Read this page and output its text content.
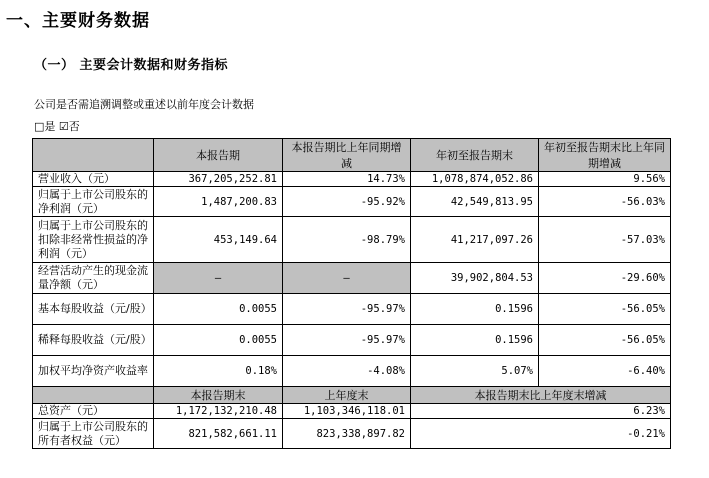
一、主要财务数据
（一） 主要会计数据和财务指标
公司是否需追溯调整或重述以前年度会计数据
□是 ☑否
	本报告期	本报告期比上年同期增减	年初至报告期末	年初至报告期末比上年同期增减
营业收入（元）	367,205,252.81	14.73%	1,078,874,052.86	9.56%
归属于上市公司股东的净利润（元）	1,487,200.83	-95.92%	42,549,813.95	-56.03%
归属于上市公司股东的扣除非经常性损益的净利润（元）	453,149.64	-98.79%	41,217,097.26	-57.03%
经营活动产生的现金流量净额（元）	—	—	39,902,804.53	-29.60%
基本每股收益（元/股）	0.0055	-95.97%	0.1596	-56.05%
稀释每股收益（元/股）	0.0055	-95.97%	0.1596	-56.05%
加权平均净资产收益率	0.18%	-4.08%	5.07%	-6.40%
	本报告期末	上年度末	本报告期末比上年度末增减	
总资产（元）	1,172,132,210.48	1,103,346,118.01	6.23%	
归属于上市公司股东的所有者权益（元）	821,582,661.11	823,338,897.82	-0.21%	
